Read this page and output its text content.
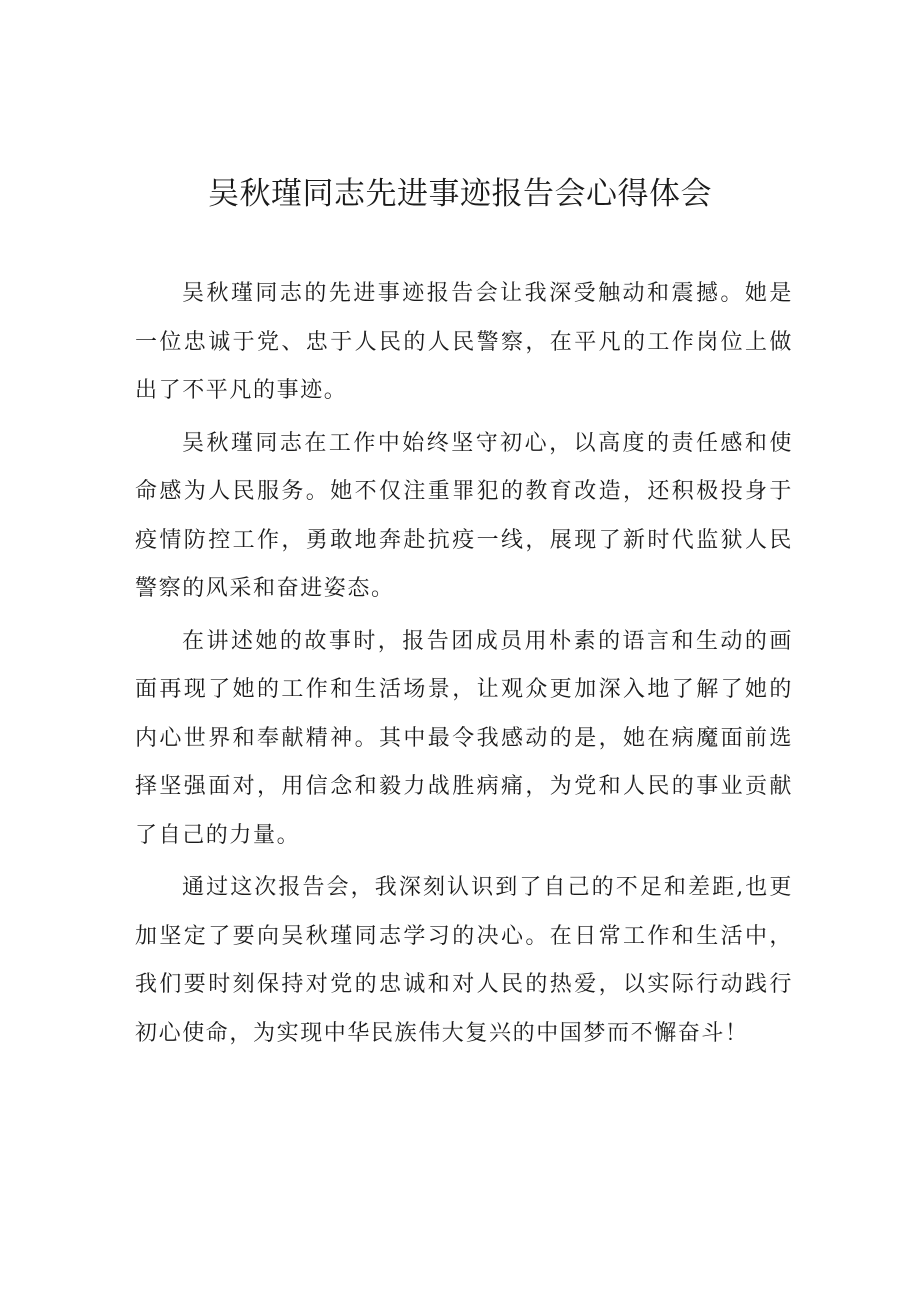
吴秋瑾同志先进事迹报告会心得体会

吴秋瑾同志的先进事迹报告会让我深受触动和震撼。她是一位忠诚于党、忠于人民的人民警察，在平凡的工作岗位上做出了不平凡的事迹。

吴秋瑾同志在工作中始终坚守初心，以高度的责任感和使命感为人民服务。她不仅注重罪犯的教育改造，还积极投身于疫情防控工作，勇敢地奔赴抗疫一线，展现了新时代监狱人民警察的风采和奋进姿态。

在讲述她的故事时，报告团成员用朴素的语言和生动的画面再现了她的工作和生活场景，让观众更加深入地了解了她的内心世界和奉献精神。其中最令我感动的是，她在病魔面前选择坚强面对，用信念和毅力战胜病痛，为党和人民的事业贡献了自己的力量。

通过这次报告会，我深刻认识到了自己的不足和差距,也更加坚定了要向吴秋瑾同志学习的决心。在日常工作和生活中，我们要时刻保持对党的忠诚和对人民的热爱，以实际行动践行初心使命，为实现中华民族伟大复兴的中国梦而不懈奋斗！
